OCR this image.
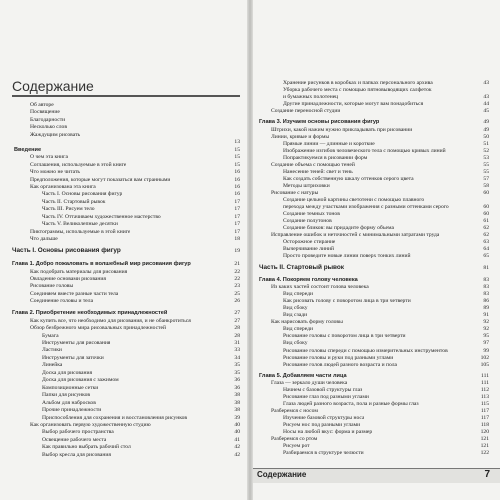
Содержание
Об авторе
Посвящение
Благодарности
Несколько слов
Жаждущим рисовать
13
Введение	15
О чем эта книга	15
Соглашения, используемые в этой книге	15
Что можно не читать	16
Предположения, которые могут показаться вам странными	16
Как организована эта книга	16
Часть I. Основы рисования фигур	16
Часть II. Стартовый рывок	17
Часть III. Рисуем тело	17
Часть IV. Оттачиваем художественное мастерство	17
Часть V. Великолепные десятки	17
Пиктограммы, используемые в этой книге	17
Что дальше	18
Часть I. Основы рисования фигур	19
Глава 1. Добро пожаловать в волшебный мир рисования фигур	21
Как подобрать материалы для рисования	22
Овладение основами рисования	22
Рисование головы	23
Соединяем вместе разные части тела	25
Соединение головы и тела	26
Глава 2. Приобретение необходимых принадлежностей	27
Как купить все, что необходимо для рисования, и не обанкротиться	27
Обзор безбрежного мира рисовальных принадлежностей	28
Бумага	28
Инструменты для рисования	31
Ластики	33
Инструменты для заточки	34
Линейка	35
Доска для рисования	35
Доска для рисования с зажимом	36
Композиционные сетки	36
Папки для рисунков	38
Альбом для набросков	38
Прочие принадлежности	38
Приспособления для сохранения и восстановления рисунков	39
Как организовать первую художественную студию	40
Выбор рабочего пространства	40
Освещение рабочего места	41
Как правильно выбрать рабочий стол	42
Выбор кресла для рисования	42
Хранение рисунков в коробках и папках персонального архива	43
Уборка рабочего места с помощью пятновыводящих салфеток
и бумажных полотенец	43
Другие принадлежности, которые могут вам понадобиться	44
Создание переносной студии	45
Глава 3. Изучаем основы рисования фигур	49
Штрихи, какой нажим нужно прикладывать при рисовании	49
Линии, кривые и формы	50
Прямые линии — длинные и короткие	51
Изображение изгибов человеческого тела с помощью кривых линий	52
Попрактикуемся в рисовании форм	53
Создание объема с помощью теней	55
Нанесение теней: свет и тень	55
Как создать собственную шкалу оттенков серого цвета	57
Методы штриховки	58
Рисование с натуры	60
Создание цельной картины светотени с помощью плавного
перехода между участками изображения с разными оттенками серого	60
Создание темных тонов	60
Создание полутонов	61
Создание бликов: вы придадите форму объема	62
Исправление ошибок и неточностей с минимальными затратами труда	62
Осторожное стирание	63
Вычерчивание линий	64
Просто проведите новые линии поверх тонких линий	65
Часть II. Стартовый рывок	81
Глава 4. Покоряем голову человека	83
Из каких частей состоит голова человека	83
Вид спереди	83
Как рисовать голову с поворотом лица в три четверти	86
Вид сбоку	89
Вид сзади	91
Как нарисовать форму головы	92
Вид спереди	92
Рисование головы с поворотом лица в три четверти	95
Вид сбоку	97
Рисование головы спереди с помощью измерительных инструментов	99
Рисование головы и руки под разными углами	102
Рисование голов людей разного возраста и пола	105
Глава 5. Добавляем части лица	111
Глаза — зеркало души человека	111
Начнем с базовой структуры глаз	112
Рисование глаз под разными углами	113
Глаза людей разного возраста, пола и разные формы глаз	115
Разберемся с носом	117
Изучение базовой структуры носа	117
Рисуем нос под разными углами	118
Носы на любой вкус: форма и размер	120
Разберемся со ртом	121
Рисуем рот	121
Разбираемся в структуре челюсти	122
Содержание	7
